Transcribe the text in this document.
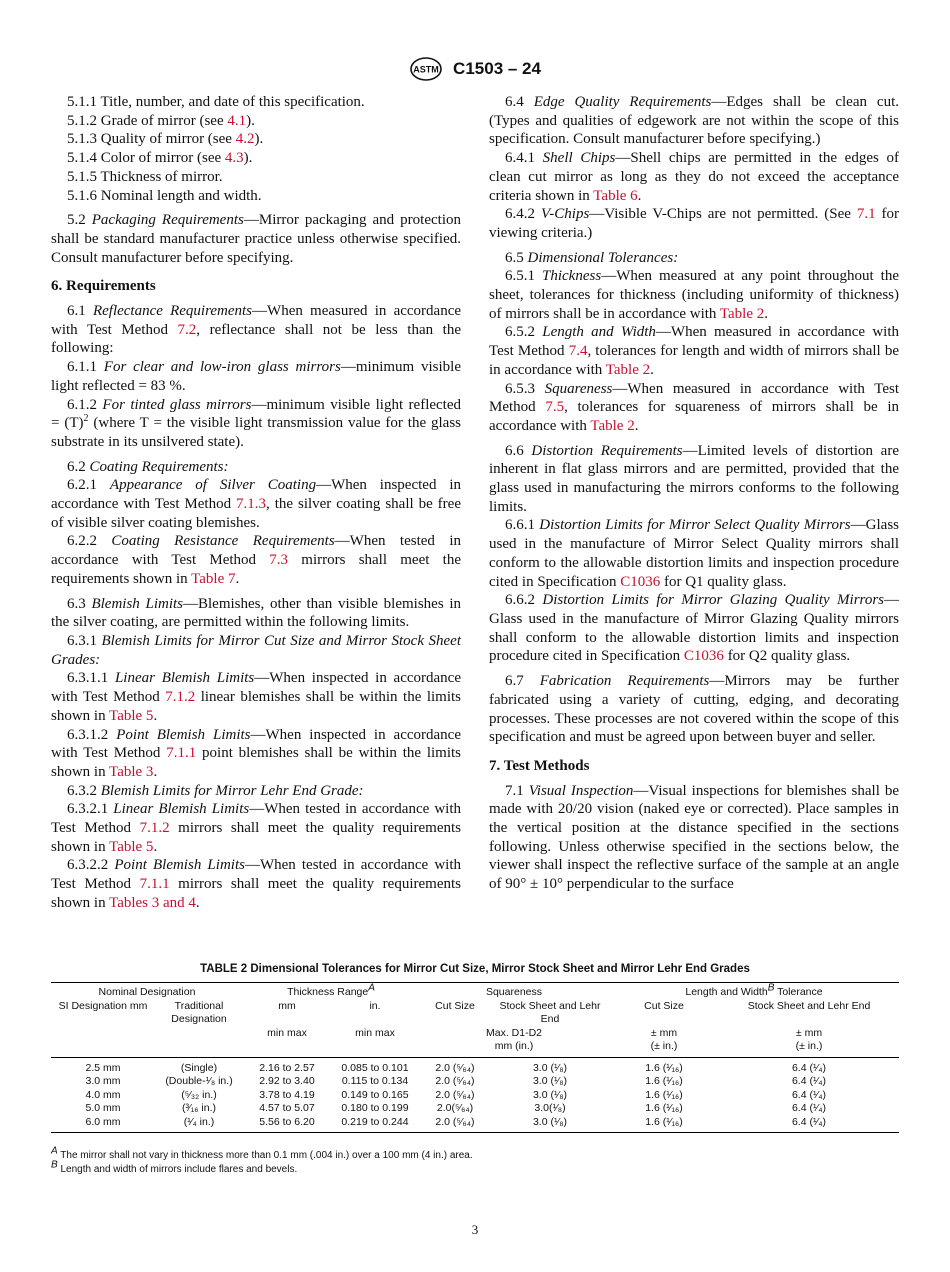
ASTM C1503 – 24

5.1.1 Title, number, and date of this specification.

5.1.2 Grade of mirror (see 4.1).

5.1.3 Quality of mirror (see 4.2).

5.1.4 Color of mirror (see 4.3).

5.1.5 Thickness of mirror.

5.1.6 Nominal length and width.

5.2 Packaging Requirements—Mirror packaging and protection shall be standard manufacturer practice unless otherwise specified. Consult manufacturer before specifying.

6. Requirements

6.1 Reflectance Requirements—When measured in accordance with Test Method 7.2, reflectance shall not be less than the following:

6.1.1 For clear and low-iron glass mirrors—minimum visible light reflected = 83 %.

6.1.2 For tinted glass mirrors—minimum visible light reflected = $(T)^2$ (where T = the visible light transmission value for the glass substrate in its unsilvered state).

6.2 Coating Requirements:

6.2.1 Appearance of Silver Coating—When inspected in accordance with Test Method 7.1.3, the silver coating shall be free of visible silver coating blemishes.

6.2.2 Coating Resistance Requirements—When tested in accordance with Test Method 7.3 mirrors shall meet the requirements shown in Table 7.

6.3 Blemish Limits—Blemishes, other than visible blemishes in the silver coating, are permitted within the following limits.

6.3.1 Blemish Limits for Mirror Cut Size and Mirror Stock Sheet Grades:

6.3.1.1 Linear Blemish Limits—When inspected in accordance with Test Method 7.1.2 linear blemishes shall be within the limits shown in Table 5.

6.3.1.2 Point Blemish Limits—When inspected in accordance with Test Method 7.1.1 point blemishes shall be within the limits shown in Table 3.

6.3.2 Blemish Limits for Mirror Lehr End Grade:

6.3.2.1 Linear Blemish Limits—When tested in accordance with Test Method 7.1.2 mirrors shall meet the quality requirements shown in Table 5.

6.3.2.2 Point Blemish Limits—When tested in accordance with Test Method 7.1.1 mirrors shall meet the quality requirements shown in Tables 3 and 4.

6.4 Edge Quality Requirements—Edges shall be clean cut. (Types and qualities of edgework are not within the scope of this specification. Consult manufacturer before specifying.)

6.4.1 Shell Chips—Shell chips are permitted in the edges of clean cut mirror as long as they do not exceed the acceptance criteria shown in Table 6.

6.4.2 V-Chips—Visible V-Chips are not permitted. (See 7.1 for viewing criteria.)

6.5 Dimensional Tolerances:

6.5.1 Thickness—When measured at any point throughout the sheet, tolerances for thickness (including uniformity of thickness) of mirrors shall be in accordance with Table 2.

6.5.2 Length and Width—When measured in accordance with Test Method 7.4, tolerances for length and width of mirrors shall be in accordance with Table 2.

6.5.3 Squareness—When measured in accordance with Test Method 7.5, tolerances for squareness of mirrors shall be in accordance with Table 2.

6.6 Distortion Requirements—Limited levels of distortion are inherent in flat glass mirrors and are permitted, provided that the glass used in manufacturing the mirrors conforms to the following limits.

6.6.1 Distortion Limits for Mirror Select Quality Mirrors—Glass used in the manufacture of Mirror Select Quality mirrors shall conform to the allowable distortion limits and inspection procedure cited in Specification C1036 for Q1 quality glass.

6.6.2 Distortion Limits for Mirror Glazing Quality Mirrors—Glass used in the manufacture of Mirror Glazing Quality mirrors shall conform to the allowable distortion limits and inspection procedure cited in Specification C1036 for Q2 quality glass.

6.7 Fabrication Requirements—Mirrors may be further fabricated using a variety of cutting, edging, and decorating processes. These processes are not covered within the scope of this specification and must be agreed upon between buyer and seller.

7. Test Methods

7.1 Visual Inspection—Visual inspections for blemishes shall be made with 20/20 vision (naked eye or corrected). Place samples in the vertical position at the distance specified in the sections following. Unless otherwise specified in the sections below, the viewer shall inspect the reflective surface of the sample at an angle of 90° ± 10° perpendicular to the surface

TABLE 2 Dimensional Tolerances for Mirror Cut Size, Mirror Stock Sheet and Mirror Lehr End Grades
Nominal Designation		Thickness Range$^A$		Squareness		Length and Width$^B$ Tolerance	
SI Designation mm	Traditional Designation	mm	in.	Cut Size	Stock Sheet and Lehr End	Cut Size	Stock Sheet and Lehr End
		min max	min max	Max. D1-D2		± mm	± mm
				mm (in.)		(± in.)	(± in.)
2.5 mm	(Single)	2.16 to 2.57	0.085 to 0.101	2.0 (⁵⁄₆₄)	3.0 (¹⁄₈)	1.6 (¹⁄₁₆)	6.4 (¹⁄₄)
3.0 mm	(Double-¹⁄₈ in.)	2.92 to 3.40	0.115 to 0.134	2.0 (⁵⁄₆₄)	3.0 (¹⁄₈)	1.6 (¹⁄₁₆)	6.4 (¹⁄₄)
4.0 mm	(⁵⁄₃₂ in.)	3.78 to 4.19	0.149 to 0.165	2.0 (⁵⁄₆₄)	3.0 (¹⁄₈)	1.6 (¹⁄₁₆)	6.4 (¹⁄₄)
5.0 mm	(³⁄₁₆ in.)	4.57 to 5.07	0.180 to 0.199	2.0(⁵⁄₆₄)	3.0(¹⁄₈)	1.6 (¹⁄₁₆)	6.4 (¹⁄₄)
6.0 mm	(¹⁄₄ in.)	5.56 to 6.20	0.219 to 0.244	2.0 (⁵⁄₆₄)	3.0 (¹⁄₈)	1.6 (¹⁄₁₆)	6.4 (¹⁄₄)
$^A$ The mirror shall not vary in thickness more than 0.1 mm (.004 in.) over a 100 mm (4 in.) area.
$^B$ Length and width of mirrors include flares and bevels.
3
